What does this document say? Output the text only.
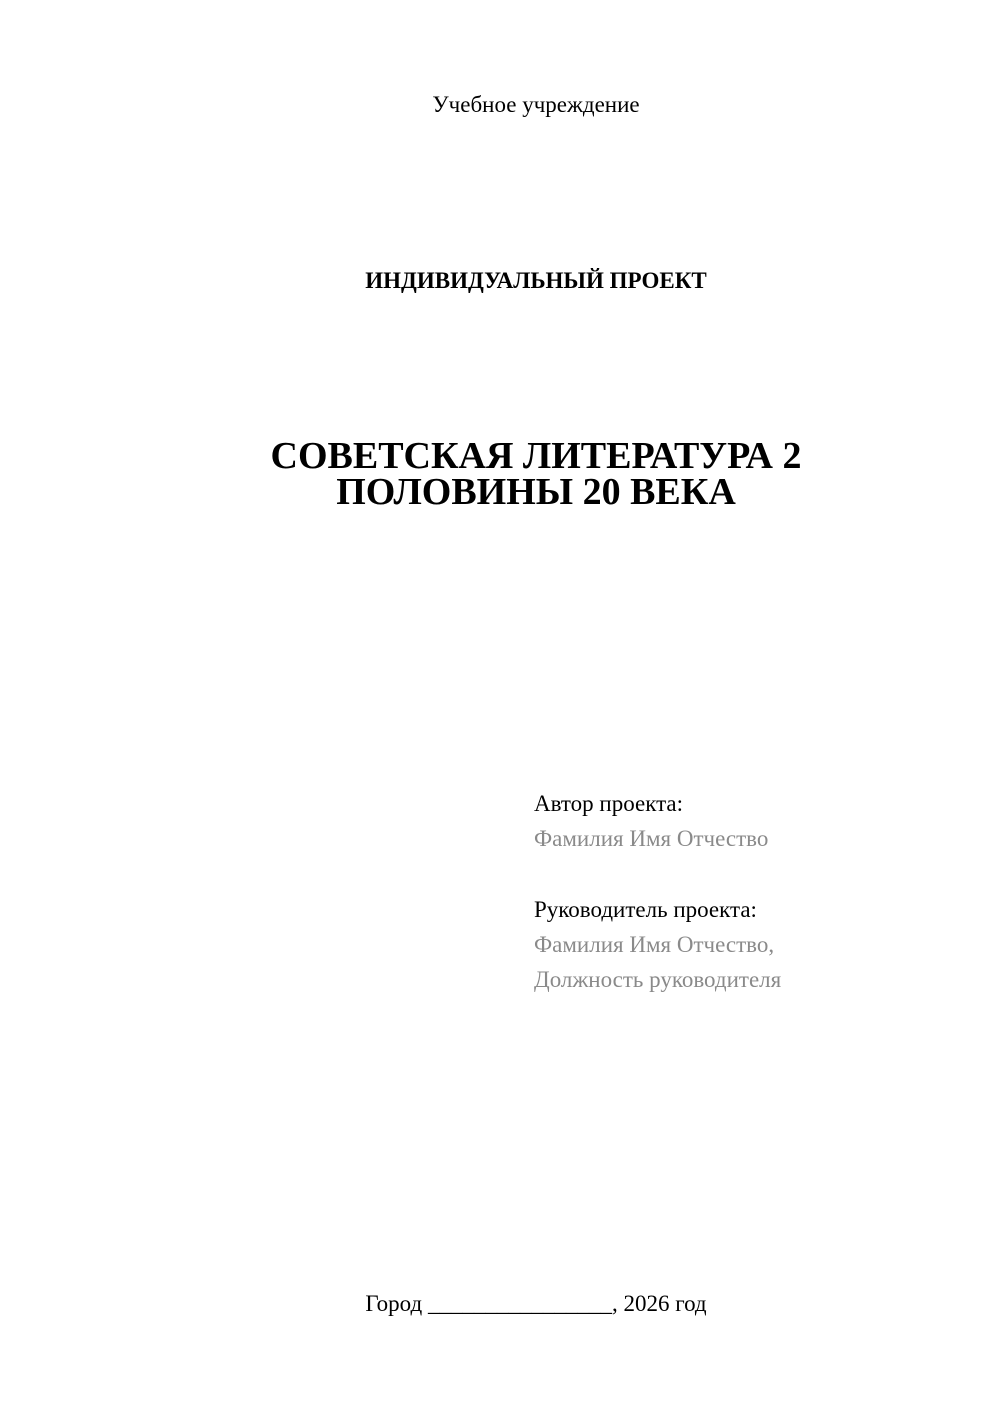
Учебное учреждение
ИНДИВИДУАЛЬНЫЙ ПРОЕКТ
СОВЕТСКАЯ ЛИТЕРАТУРА 2
ПОЛОВИНЫ 20 ВЕКА
Автор проекта:
Фамилия Имя Отчество
Руководитель проекта:
Фамилия Имя Отчество,
Должность руководителя
Город ________________, 2026 год
